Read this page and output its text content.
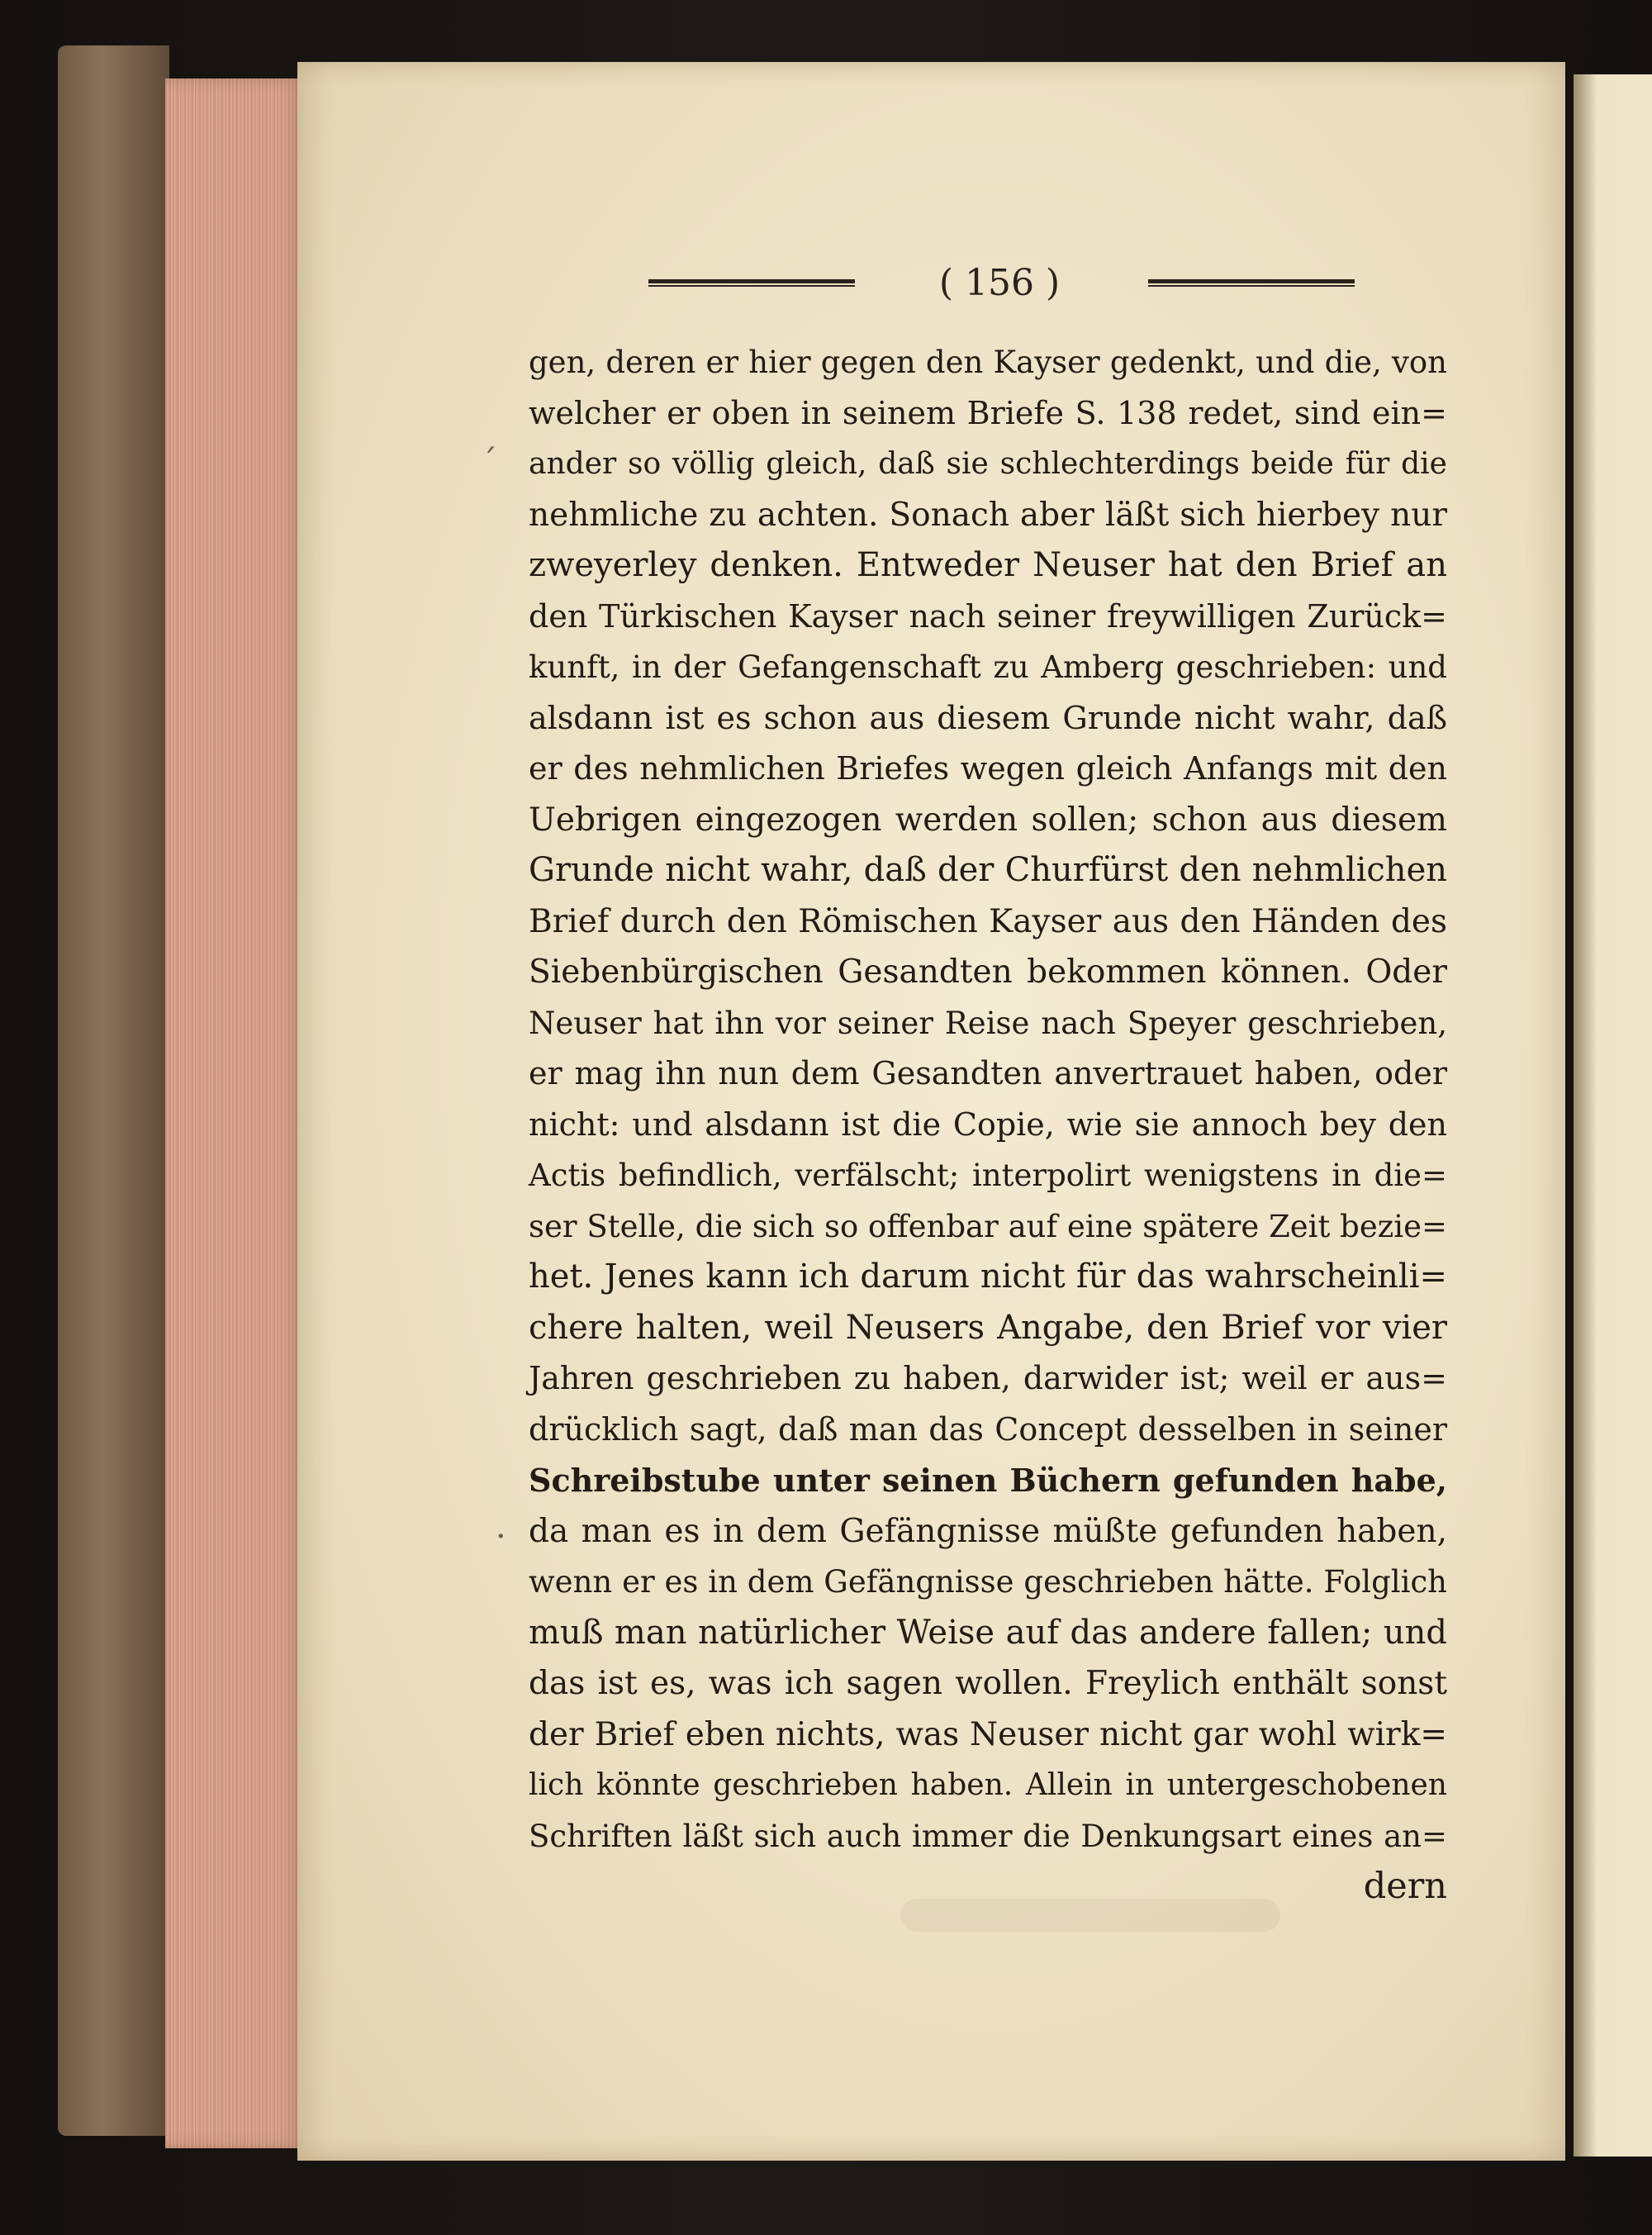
( 156 )
gen, deren er hier gegen den Kayser gedenkt, und die, von
welcher er oben in seinem Briefe S. 138 redet, sind ein=
ander so völlig gleich, daß sie schlechterdings beide für die
nehmliche zu achten. Sonach aber läßt sich hierbey nur
zweyerley denken. Entweder Neuser hat den Brief an
den Türkischen Kayser nach seiner freywilligen Zurück=
kunft, in der Gefangenschaft zu Amberg geschrieben: und
alsdann ist es schon aus diesem Grunde nicht wahr, daß
er des nehmlichen Briefes wegen gleich Anfangs mit den
Uebrigen eingezogen werden sollen; schon aus diesem
Grunde nicht wahr, daß der Churfürst den nehmlichen
Brief durch den Römischen Kayser aus den Händen des
Siebenbürgischen Gesandten bekommen können. Oder
Neuser hat ihn vor seiner Reise nach Speyer geschrieben,
er mag ihn nun dem Gesandten anvertrauet haben, oder
nicht: und alsdann ist die Copie, wie sie annoch bey den
Actis befindlich, verfälscht; interpolirt wenigstens in die=
ser Stelle, die sich so offenbar auf eine spätere Zeit bezie=
het. Jenes kann ich darum nicht für das wahrscheinli=
chere halten, weil Neusers Angabe, den Brief vor vier
Jahren geschrieben zu haben, darwider ist; weil er aus=
drücklich sagt, daß man das Concept desselben in seiner
Schreibstube unter seinen Büchern gefunden habe,
da man es in dem Gefängnisse müßte gefunden haben,
wenn er es in dem Gefängnisse geschrieben hätte. Folglich
muß man natürlicher Weise auf das andere fallen; und
das ist es, was ich sagen wollen. Freylich enthält sonst
der Brief eben nichts, was Neuser nicht gar wohl wirk=
lich könnte geschrieben haben. Allein in untergeschobenen
Schriften läßt sich auch immer die Denkungsart eines an=
dern
ˊ
·
